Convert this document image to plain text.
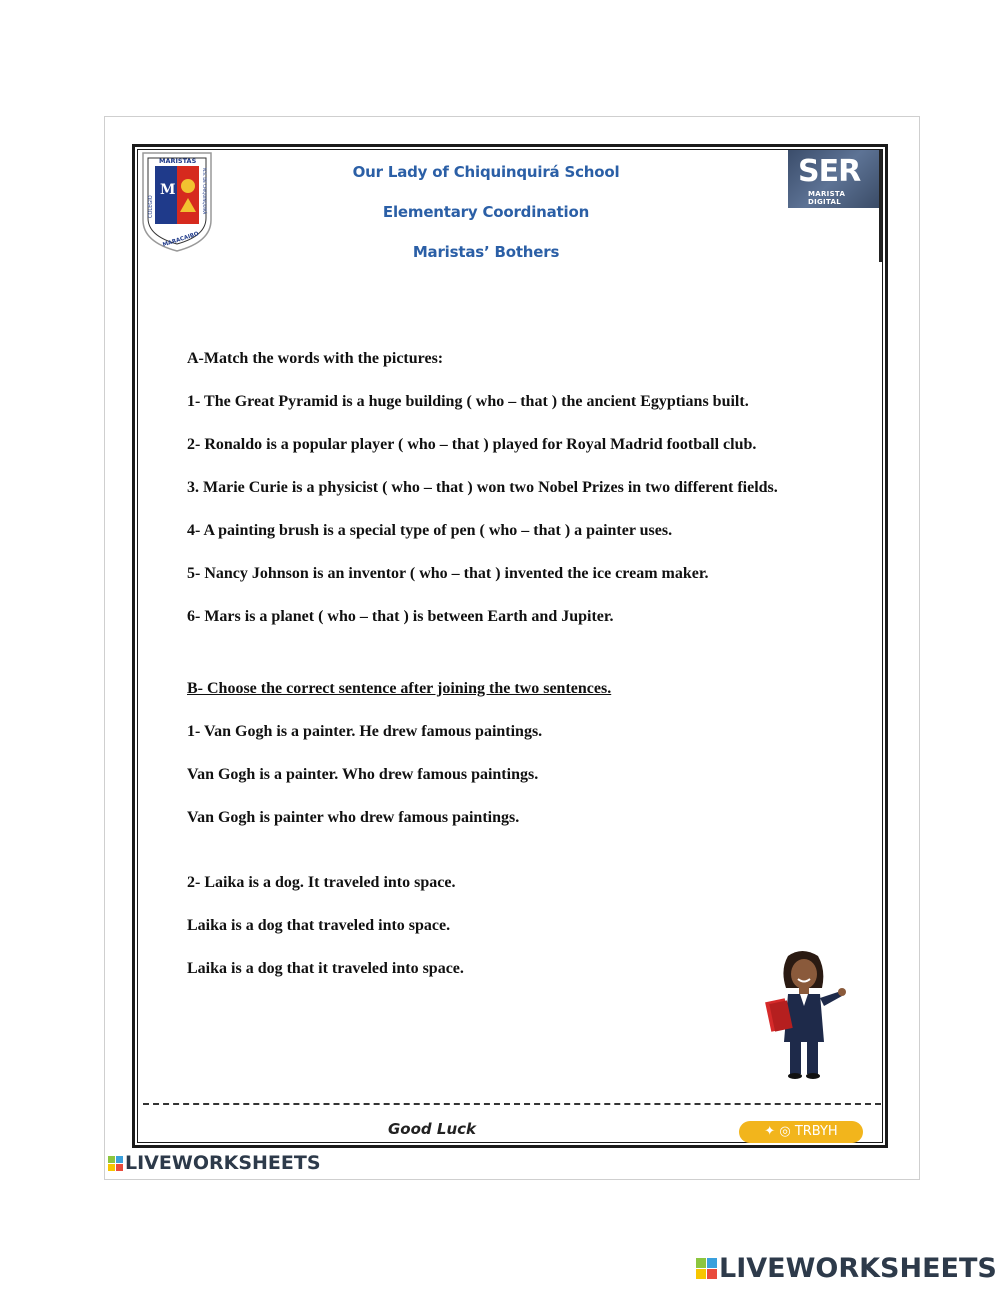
M
MARISTAS
MARACAIBO
COLEGIO	N.S. DE CHIQUINQUIRÁ	Our Lady of Chiquinquirá School
Elementary Coordination
Maristas’ Bothers
SER
MARISTA DIGITAL
A-Match the words with the pictures:
1- The Great Pyramid is a huge building ( who – that ) the ancient Egyptians built.
2- Ronaldo is a popular player ( who – that ) played for Royal Madrid football club.
3. Marie Curie is a physicist ( who – that ) won two Nobel Prizes in two different fields.
4- A painting brush is a special type of pen ( who – that ) a painter uses.
5- Nancy Johnson is an inventor ( who – that ) invented the ice cream maker.
6- Mars is a planet ( who – that ) is between Earth and Jupiter.
B- Choose the correct sentence after joining the two sentences.
1- Van Gogh is a painter. He drew famous paintings.
Van Gogh is a painter. Who drew famous paintings.
Van Gogh is painter who drew famous paintings.
2- Laika is a dog. It traveled into space.
Laika is a dog that traveled into space.
Laika is a dog that it traveled into space.
Good Luck	✦ ◎ TRBYH
LIVEWORKSHEETS
LIVEWORKSHEETS
